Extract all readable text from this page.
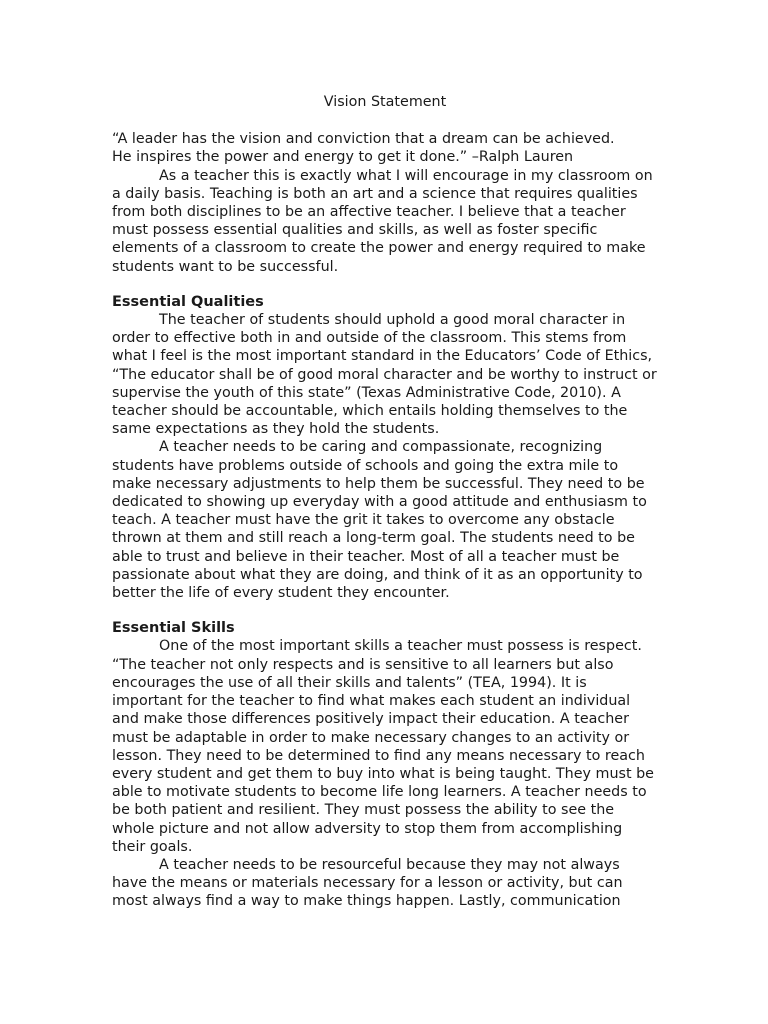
Vision Statement

“A leader has the vision and conviction that a dream can be achieved.

He inspires the power and energy to get it done.” –Ralph Lauren

As a teacher this is exactly what I will encourage in my classroom on a daily basis. Teaching is both an art and a science that requires qualities from both disciplines to be an affective teacher. I believe that a teacher must possess essential qualities and skills, as well as foster specific elements of a classroom to create the power and energy required to make students want to be successful.

Essential Qualities

The teacher of students should uphold a good moral character in order to effective both in and outside of the classroom. This stems from what I feel is the most important standard in the Educators’ Code of Ethics, “The educator shall be of good moral character and be worthy to instruct or supervise the youth of this state” (Texas Administrative Code, 2010). A teacher should be accountable, which entails holding themselves to the same expectations as they hold the students.

A teacher needs to be caring and compassionate, recognizing students have problems outside of schools and going the extra mile to make necessary adjustments to help them be successful. They need to be dedicated to showing up everyday with a good attitude and enthusiasm to teach. A teacher must have the grit it takes to overcome any obstacle thrown at them and still reach a long-term goal. The students need to be able to trust and believe in their teacher. Most of all a teacher must be passionate about what they are doing, and think of it as an opportunity to better the life of every student they encounter.

Essential Skills

One of the most important skills a teacher must possess is respect. “The teacher not only respects and is sensitive to all learners but also encourages the use of all their skills and talents” (TEA, 1994). It is important for the teacher to find what makes each student an individual and make those differences positively impact their education. A teacher must be adaptable in order to make necessary changes to an activity or lesson. They need to be determined to find any means necessary to reach every student and get them to buy into what is being taught. They must be able to motivate students to become life long learners. A teacher needs to be both patient and resilient. They must possess the ability to see the whole picture and not allow adversity to stop them from accomplishing their goals.

A teacher needs to be resourceful because they may not always have the means or materials necessary for a lesson or activity, but can most always find a way to make things happen. Lastly, communication
